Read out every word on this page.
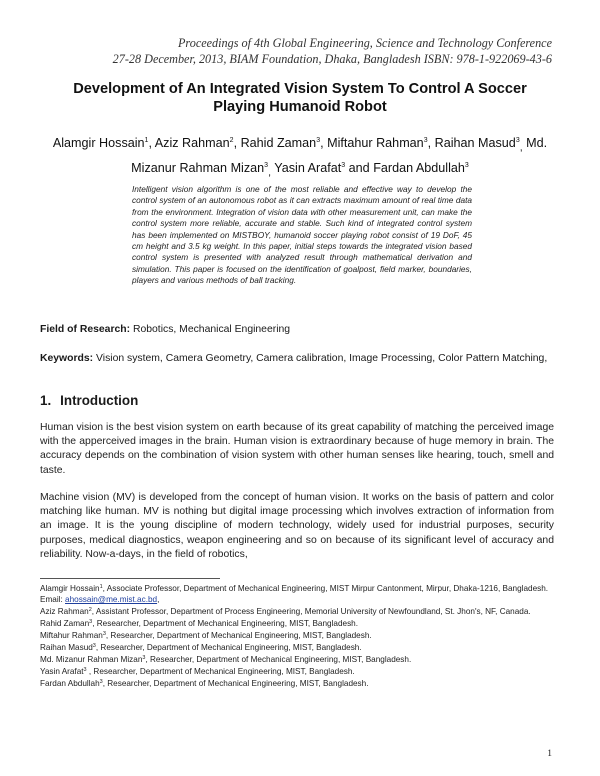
Proceedings of 4th Global Engineering, Science and Technology Conference
27-28 December, 2013, BIAM Foundation, Dhaka, Bangladesh ISBN: 978-1-922069-43-6
Development of An Integrated Vision System To Control A Soccer
Playing Humanoid Robot
Alamgir Hossain$^1$, Aziz Rahman$^2$, Rahid Zaman$^3$, Miftahur Rahman$^3$, Raihan Masud$^3_,$ Md. Mizanur Rahman Mizan$^3_,$ Yasin Arafat$^3$ and Fardan Abdullah$^3$
Intelligent vision algorithm is one of the most reliable and effective way to develop the control system of an autonomous robot as it can extracts maximum amount of real time data from the environment. Integration of vision data with other measurement unit, can make the control system more reliable, accurate and stable. Such kind of integrated control system has been implemented on MISTBOY, humanoid soccer playing robot consist of 19 DoF, 45 cm height and 3.5 kg weight. In this paper, initial steps towards the integrated vision based control system is presented with analyzed result through mathematical derivation and simulation. This paper is focused on the identification of goalpost, field marker, boundaries, players and various methods of ball tracking.
Field of Research: Robotics, Mechanical Engineering
Keywords: Vision system, Camera Geometry, Camera calibration, Image Processing, Color Pattern Matching,
1. Introduction
Human vision is the best vision system on earth because of its great capability of matching the perceived image with the apperceived images in the brain. Human vision is extraordinary because of huge memory in brain. The accuracy depends on the combination of vision system with other human senses like hearing, touch, smell and taste.
Machine vision (MV) is developed from the concept of human vision. It works on the basis of pattern and color matching like human. MV is nothing but digital image processing which involves extraction of information from an image. It is the young discipline of modern technology, widely used for industrial purposes, security purposes, medical diagnostics, weapon engineering and so on because of its significant level of accuracy and reliability. Now-a-days, in the field of robotics,
Alamgir Hossain$^1$, Associate Professor, Department of Mechanical Engineering, MIST Mirpur Cantonment, Mirpur, Dhaka-1216, Bangladesh. Email: ahossain@me.mist.ac.bd,
Aziz Rahman$^2$, Assistant Professor, Department of Process Engineering, Memorial University of Newfoundland, St. Jhon's, NF, Canada.
Rahid Zaman$^3$, Researcher, Department of Mechanical Engineering, MIST, Bangladesh.
Miftahur Rahman$^3$, Researcher, Department of Mechanical Engineering, MIST, Bangladesh.
Raihan Masud$^3$, Researcher, Department of Mechanical Engineering, MIST, Bangladesh.
Md. Mizanur Rahman Mizan$^3$, Researcher, Department of Mechanical Engineering, MIST, Bangladesh.
Yasin Arafat$^3$ , Researcher, Department of Mechanical Engineering, MIST, Bangladesh.
Fardan Abdullah$^3$, Researcher, Department of Mechanical Engineering, MIST, Bangladesh.
1
